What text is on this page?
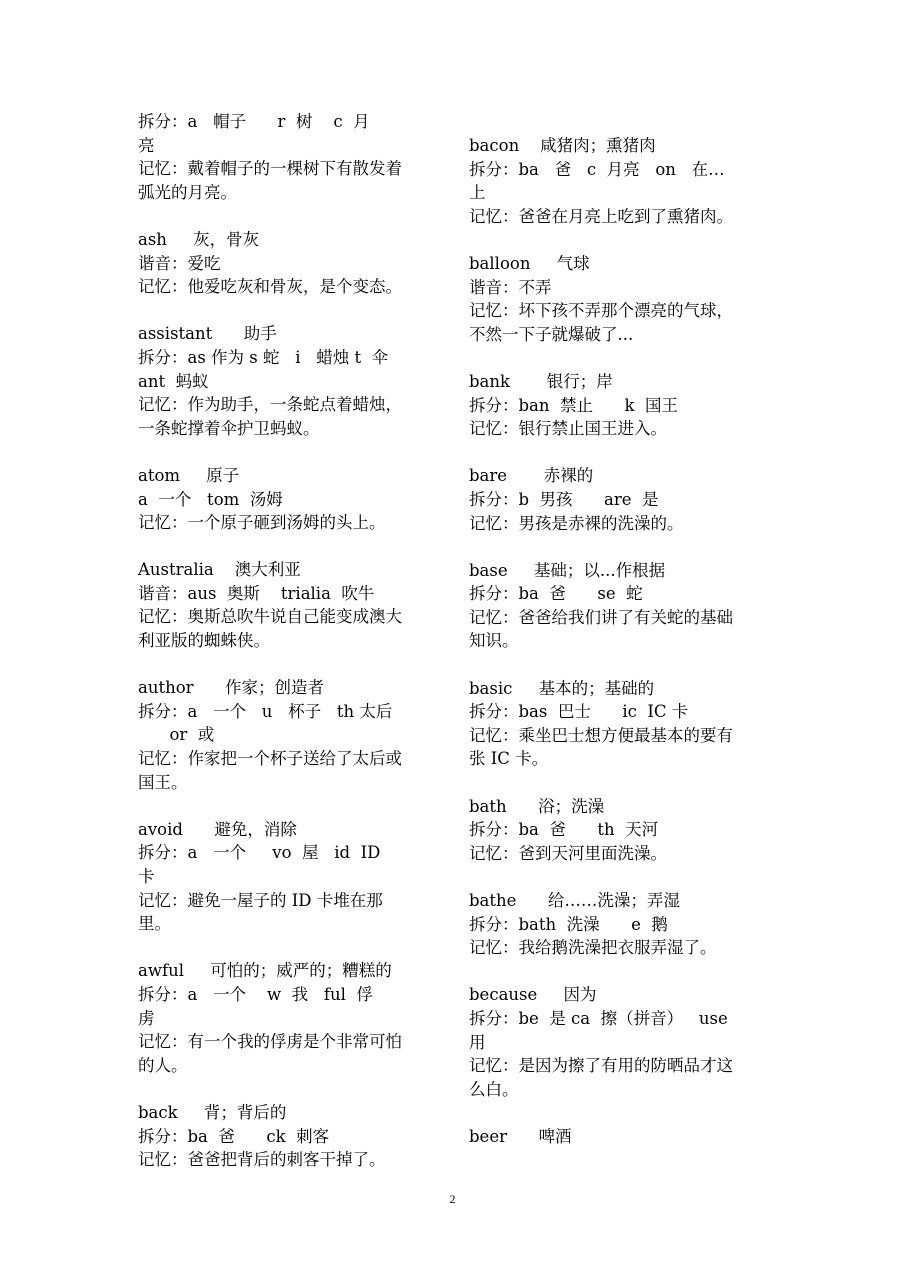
拆分：a   帽子      r  树    c  月
亮
记忆：戴着帽子的一棵树下有散发着
弧光的月亮。
ash     灰，骨灰
谐音：爱吃
记忆：他爱吃灰和骨灰，是个变态。
assistant      助手
拆分：as 作为 s 蛇   i   蜡烛 t  伞
ant  蚂蚁
记忆：作为助手，一条蛇点着蜡烛，
一条蛇撑着伞护卫蚂蚁。
atom     原子
a  一个   tom  汤姆
记忆：一个原子砸到汤姆的头上。
Australia    澳大利亚
谐音：aus  奥斯    trialia  吹牛
记忆：奥斯总吹牛说自己能变成澳大
利亚版的蜘蛛侠。
author      作家；创造者
拆分：a   一个   u   杯子   th 太后
or  或
记忆：作家把一个杯子送给了太后或
国王。
avoid      避免，消除
拆分：a   一个     vo  屋   id  ID
卡
记忆：避免一屋子的 ID 卡堆在那
里。
awful     可怕的；威严的；糟糕的
拆分：a   一个    w  我   ful  俘
虏
记忆：有一个我的俘虏是个非常可怕
的人。
back     背；背后的
拆分：ba  爸      ck  刺客
记忆：爸爸把背后的刺客干掉了。
bacon    咸猪肉；熏猪肉
拆分：ba   爸   c  月亮   on   在…
上
记忆：爸爸在月亮上吃到了熏猪肉。
balloon     气球
谐音：不弄
记忆：坏下孩不弄那个漂亮的气球，
不然一下子就爆破了...
bank       银行；岸
拆分：ban  禁止      k  国王
记忆：银行禁止国王进入。
bare       赤裸的
拆分：b  男孩      are  是
记忆：男孩是赤裸的洗澡的。
base     基础；以...作根据
拆分：ba  爸      se  蛇
记忆：爸爸给我们讲了有关蛇的基础
知识。
basic     基本的；基础的
拆分：bas  巴士      ic  IC 卡
记忆：乘坐巴士想方便最基本的要有
张 IC 卡。
bath      浴；洗澡
拆分：ba  爸      th  天河
记忆：爸到天河里面洗澡。
bathe      给……洗澡；弄湿
拆分：bath  洗澡      e  鹅
记忆：我给鹅洗澡把衣服弄湿了。
because     因为
拆分：be  是 ca  擦（拼音）   use
用
记忆：是因为擦了有用的防晒品才这
么白。
beer      啤酒
2
